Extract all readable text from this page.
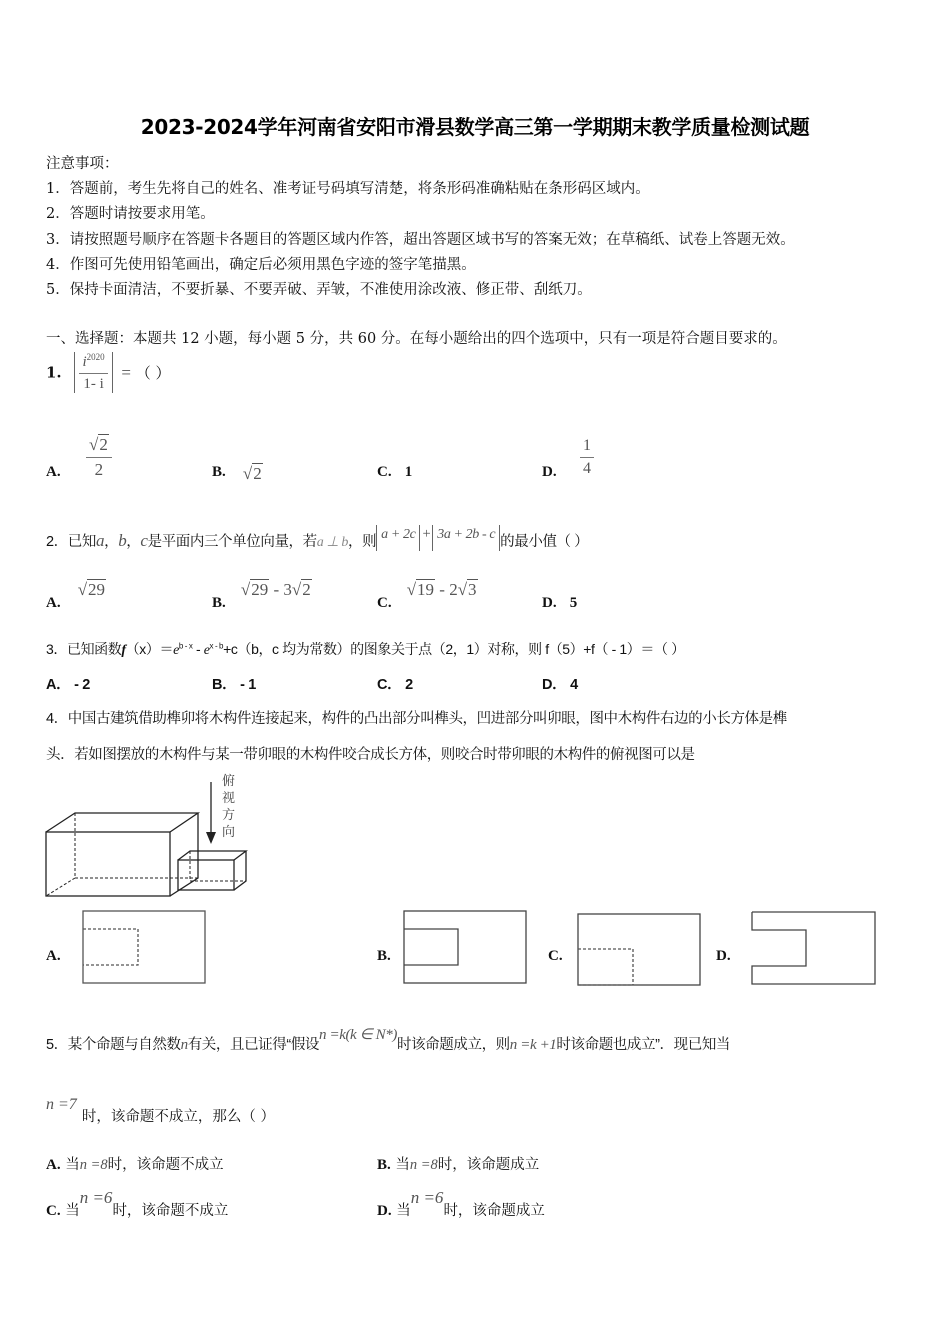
2023-2024学年河南省安阳市滑县数学高三第一学期期末教学质量检测试题
注意事项：
1．答题前，考生先将自己的姓名、准考证号码填写清楚，将条形码准确粘贴在条形码区域内。
2．答题时请按要求用笔。
3．请按照题号顺序在答题卡各题目的答题区域内作答，超出答题区域书写的答案无效；在草稿纸、试卷上答题无效。
4．作图可先使用铅笔画出，确定后必须用黑色字迹的签字笔描黑。
5．保持卡面清洁，不要折暴、不要弄破、弄皱，不准使用涂改液、修正带、刮纸刀。
一、选择题：本题共 12 小题，每小题 5 分，共 60 分。在每小题给出的四个选项中，只有一项是符合题目要求的。
1. $\frac{i^{2020}}{1- i}$ = （ ）
A. $\frac{√2}{2}$	B. √2	C. 1	D. $\frac{1}{4}$
2．已知a，b，c是平面内三个单位向量，若a ⊥ b，则 a + 2c + 3a + 2b - c 的最小值（ ）
A. √29
B. √29 - 3√2
C. √19 - 2√3
D. 5
3．已知函数$f(x)=e^{b - x} - e^{x - b}+c(b$，c 均为常数）的图象关于点（2，1）对称，则 f（5）+f（ - 1）＝（ ）
A． - 2	B． - 1	C． 2	D． 4
4．中国古建筑借助榫卯将木构件连接起来，构件的凸出部分叫榫头，凹进部分叫卯眼，图中木构件右边的小长方体是榫
头．若如图摆放的木构件与某一带卯眼的木构件咬合成长方体，则咬合时带卯眼的木构件的俯视图可以是
俯
视
方
向
A.	B.	C.	D.
5．某个命题与自然数n有关，且已证得“假设n =k(k ∈ N*)时该命题成立，则n =k +1时该命题也成立”．现已知当
n =7 时，该命题不成立，那么（ ）
A. 当n =8时，该命题不成立	B. 当n =8时，该命题成立
C. 当n =6时，该命题不成立	D. 当n =6时，该命题成立
